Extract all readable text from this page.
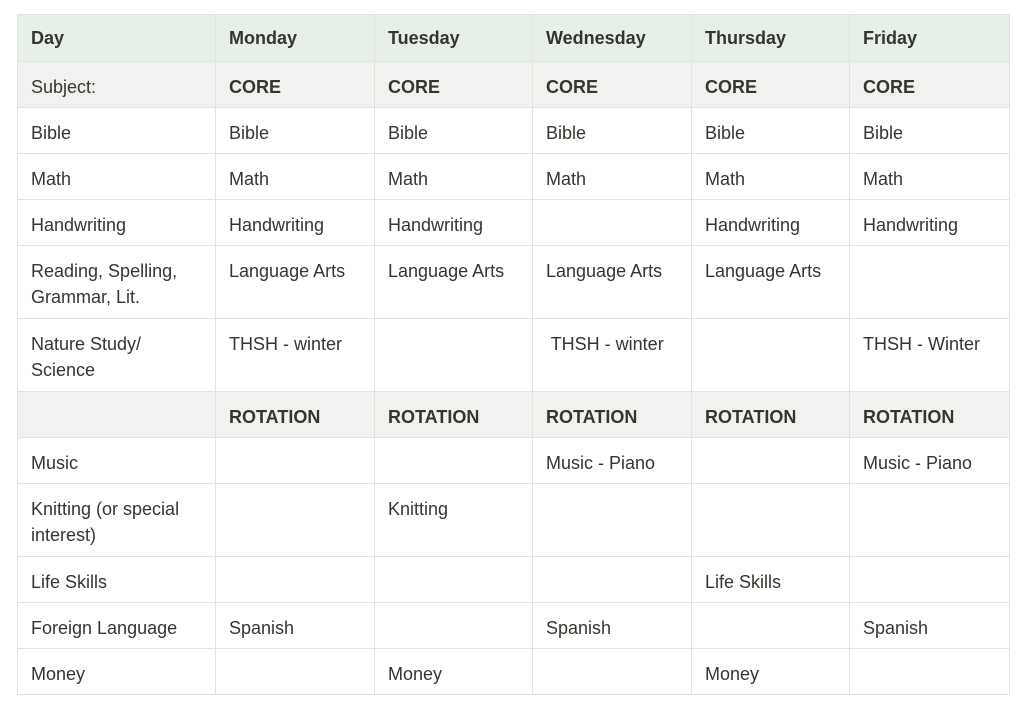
Day	Monday	Tuesday	Wednesday	Thursday	Friday
Subject:	CORE	CORE	CORE	CORE	CORE
Bible	Bible	Bible	Bible	Bible	Bible
Math	Math	Math	Math	Math	Math
Handwriting	Handwriting	Handwriting		Handwriting	Handwriting
Reading, Spelling, Grammar, Lit.	Language Arts	Language Arts	Language Arts	Language Arts	
Nature Study/ Science	THSH - winter		THSH - winter		THSH - Winter
	ROTATION	ROTATION	ROTATION	ROTATION	ROTATION
Music			Music - Piano		Music - Piano
Knitting (or special interest)		Knitting			
Life Skills				Life Skills	
Foreign Language	Spanish		Spanish		Spanish
Money		Money		Money	
